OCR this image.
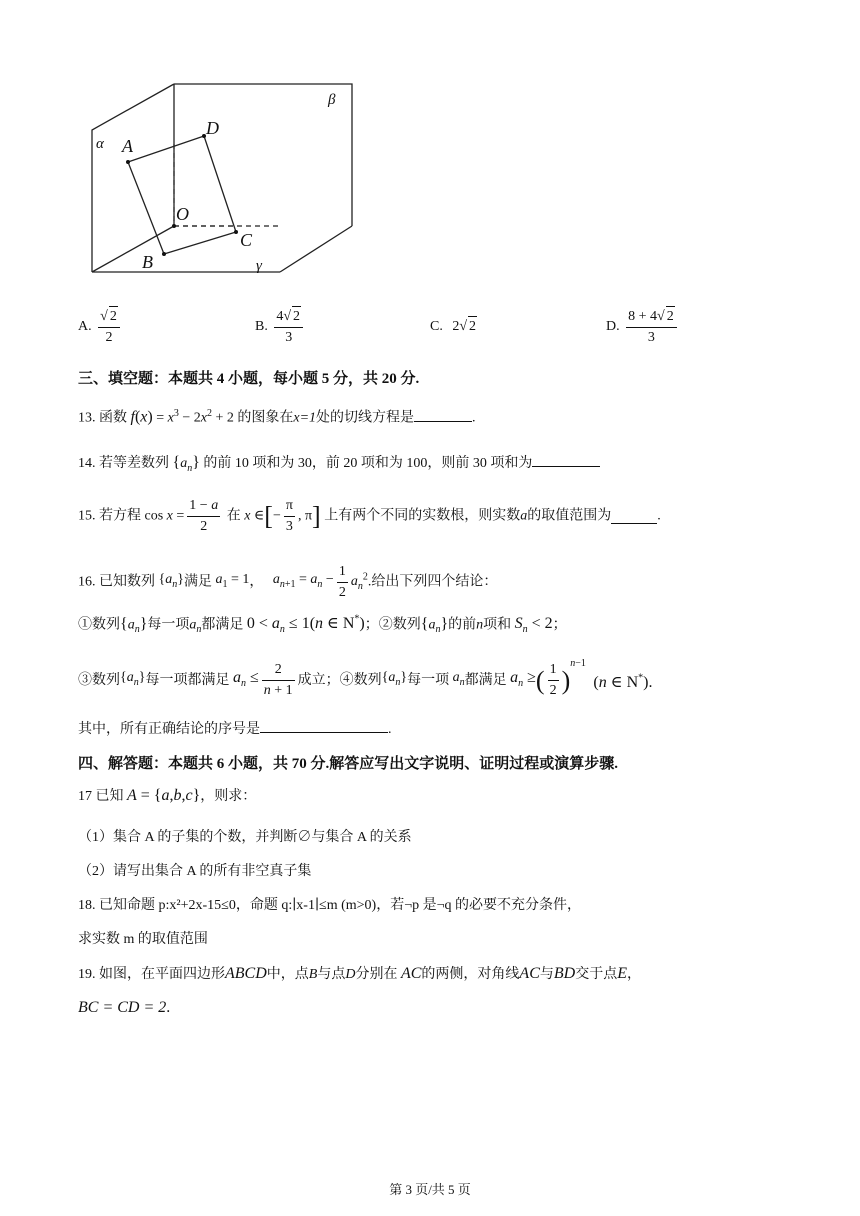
α
β
γ
A
D
O
C
B
A. $\frac{√ 2}{2}$	B. $\frac{4√ 2}{3}$	C. 2√ 2	D. $\frac{8 + 4√ 2}{3}$
三、填空题：本题共 4 小题，每小题 5 分，共 20 分.
13. 函数 $f(x) = x^3 - 2x^2 + 2$ 的图象在x=1处的切线方程是	.
14. 若等差数列 $\{a_n\}$ 的前 10 项和为 30，前 20 项和为 100，则前 30 项和为
15. 若方程 $\cos x = \frac{1 - a}{2}$ 在 x ∈[− $\frac{\pi}{3}$ , π] 上有两个不同的实数根，则实数a的取值范围为	.
16. 已知数列 $\{a_n\}$满足 $a_1 = 1$， $a_{n+1} = a_n - \frac{1}{2} a_n^2$.给出下列四个结论：
①数列$\{a_n\}$每一项$a_n$都满足 $0 < a_n \le 1(n$ ∈ N*)；②数列$\{a_n\}$的前n项和 $S_n < 2$；
③数列$\{a_n\}$每一项都满足 $a_n \le \frac{2}{n + 1}$ 成立；④数列$\{a_n\}$每一项 $a_n$都满足 $a_n$ ≥( $\frac{1}{2} )^{n-1}$ (n ∈ N*).
其中，所有正确结论的序号是	.
四、解答题：本题共 6 小题，共 70 分.解答应写出文字说明、证明过程或演算步骤.
17 已知 A = {a,b,c}，则求：
（1）集合 A 的子集的个数，并判断∅与集合 A 的关系
（2）请写出集合 A 的所有非空真子集
18. 已知命题 p:x²+2x-15≤0，命题 q:∣x-1∣≤m (m>0)，若¬p 是¬q 的必要不充分条件，
求实数 m 的取值范围
19. 如图，在平面四边形ABCD中，点B与点D分别在 AC的两侧，对角线AC与BD交于点E，
BC = CD = 2.
第 3 页/共 5 页
